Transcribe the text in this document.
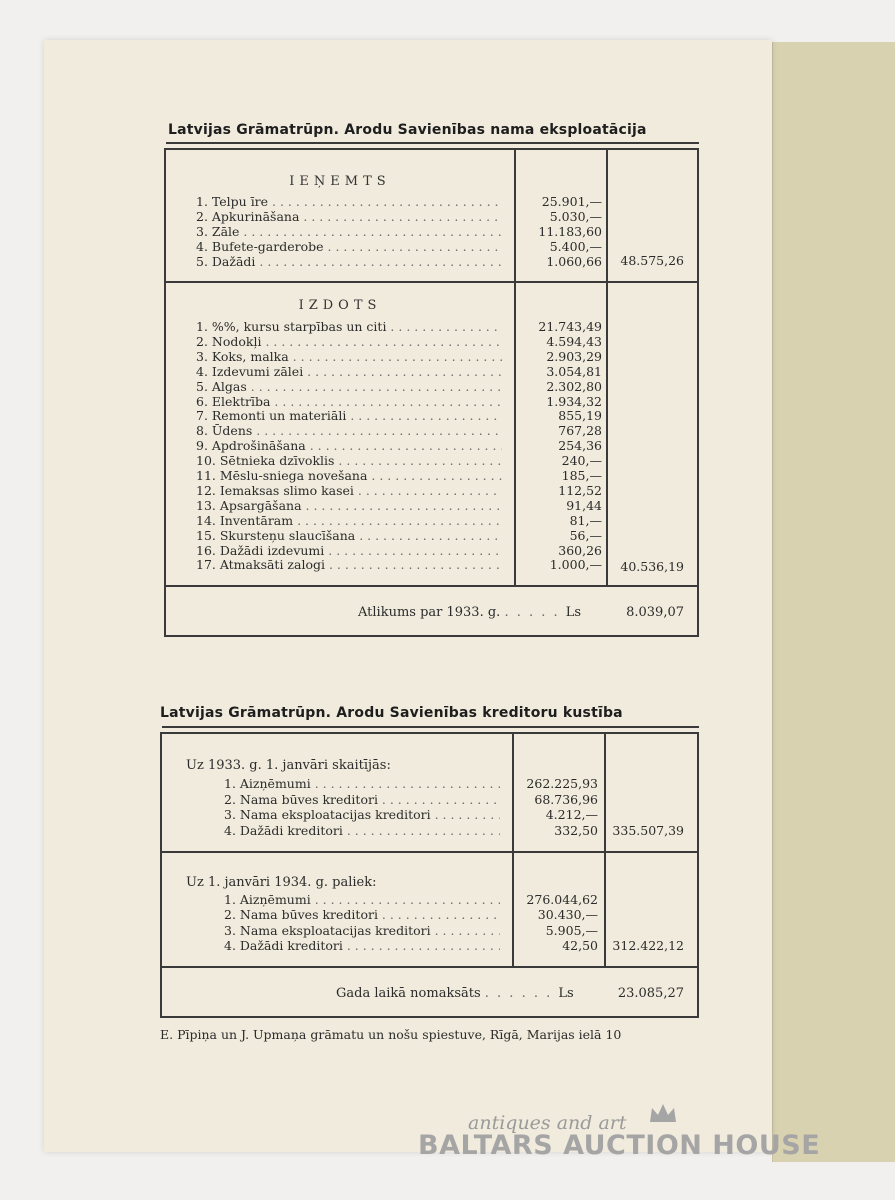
Latvijas Grāmatrūpn. Arodu Savienības nama eksploatācija
IEŅEMTS
1. Telpu īre . . .	25.901,—
2. Apkurināšana . . .	5.030,—
3. Zāle . . .	11.183,60
4. Bufete-garderobe . . .	5.400,—
5. Dažādi . . .	1.060,66	48.575,26
IZDOTS
1. %%, kursu starpības un citi . . .	21.743,49
2. Nodokļi . . .	4.594,43
3. Koks, malka . . .	2.903,29
4. Izdevumi zālei . . .	3.054,81
5. Algas . . .	2.302,80
6. Elektrība . . .	1.934,32
7. Remonti un materiāli . . .	855,19
8. Ūdens . . .	767,28
9. Apdrošināšana . . .	254,36
10. Sētnieka dzīvoklis . . .	240,—
11. Mēslu-sniega novešana . . .	185,—
12. Iemaksas slimo kasei . . .	112,52
13. Apsargāšana . . .	91,44
14. Inventāram . . .	81,—
15. Skursteņu slaucīšana . . .	56,—
16. Dažādi izdevumi . . .	360,26
17. Atmaksāti zalogi . . .	1.000,—	40.536,19
Atlikums par 1933. g. . . . . . Ls	8.039,07
Latvijas Grāmatrūpn. Arodu Savienības kreditoru kustība
Uz 1933. g. 1. janvāri skaitījās:
1. Aizņēmumi . . .	262.225,93
2. Nama būves kreditori . . .	68.736,96
3. Nama eksploatacijas kreditori . . .	4.212,—
4. Dažādi kreditori . . .	332,50	335.507,39
Uz 1. janvāri 1934. g. paliek:
1. Aizņēmumi . . .	276.044,62
2. Nama būves kreditori . . .	30.430,—
3. Nama eksploatacijas kreditori . . .	5.905,—
4. Dažādi kreditori . . .	42,50	312.422,12
Gada laikā nomaksāts . . . . . . Ls	23.085,27
E. Pīpiņa un J. Upmaņa grāmatu un nošu spiestuve, Rīgā, Marijas ielā 10
antiques and art
BALTARS AUCTION HOUSE
